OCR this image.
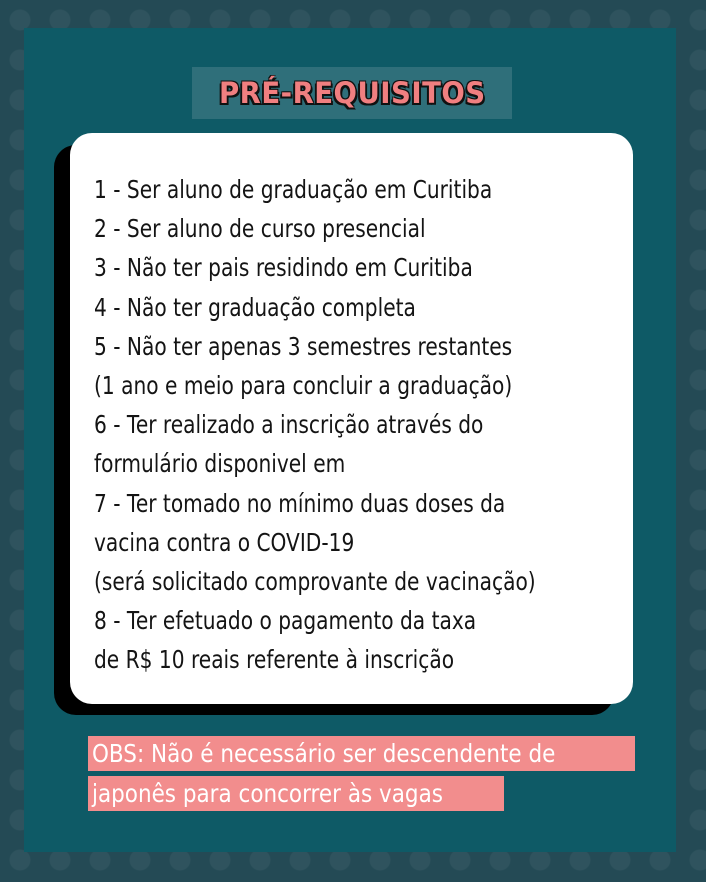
PRÉ-REQUISITOS
1 - Ser aluno de graduação em Curitiba
2 - Ser aluno de curso presencial
3 - Não ter pais residindo em Curitiba
4 - Não ter graduação completa
5 - Não ter apenas 3 semestres restantes
(1 ano e meio para concluir a graduação)
6 - Ter realizado a inscrição através do
formulário disponivel em
7 - Ter tomado no mínimo duas doses da
vacina contra o COVID-19
(será solicitado comprovante de vacinação)
8 - Ter efetuado o pagamento da taxa
de R$ 10 reais referente à inscrição
OBS: Não é necessário ser descendente de
japonês para concorrer às vagas
